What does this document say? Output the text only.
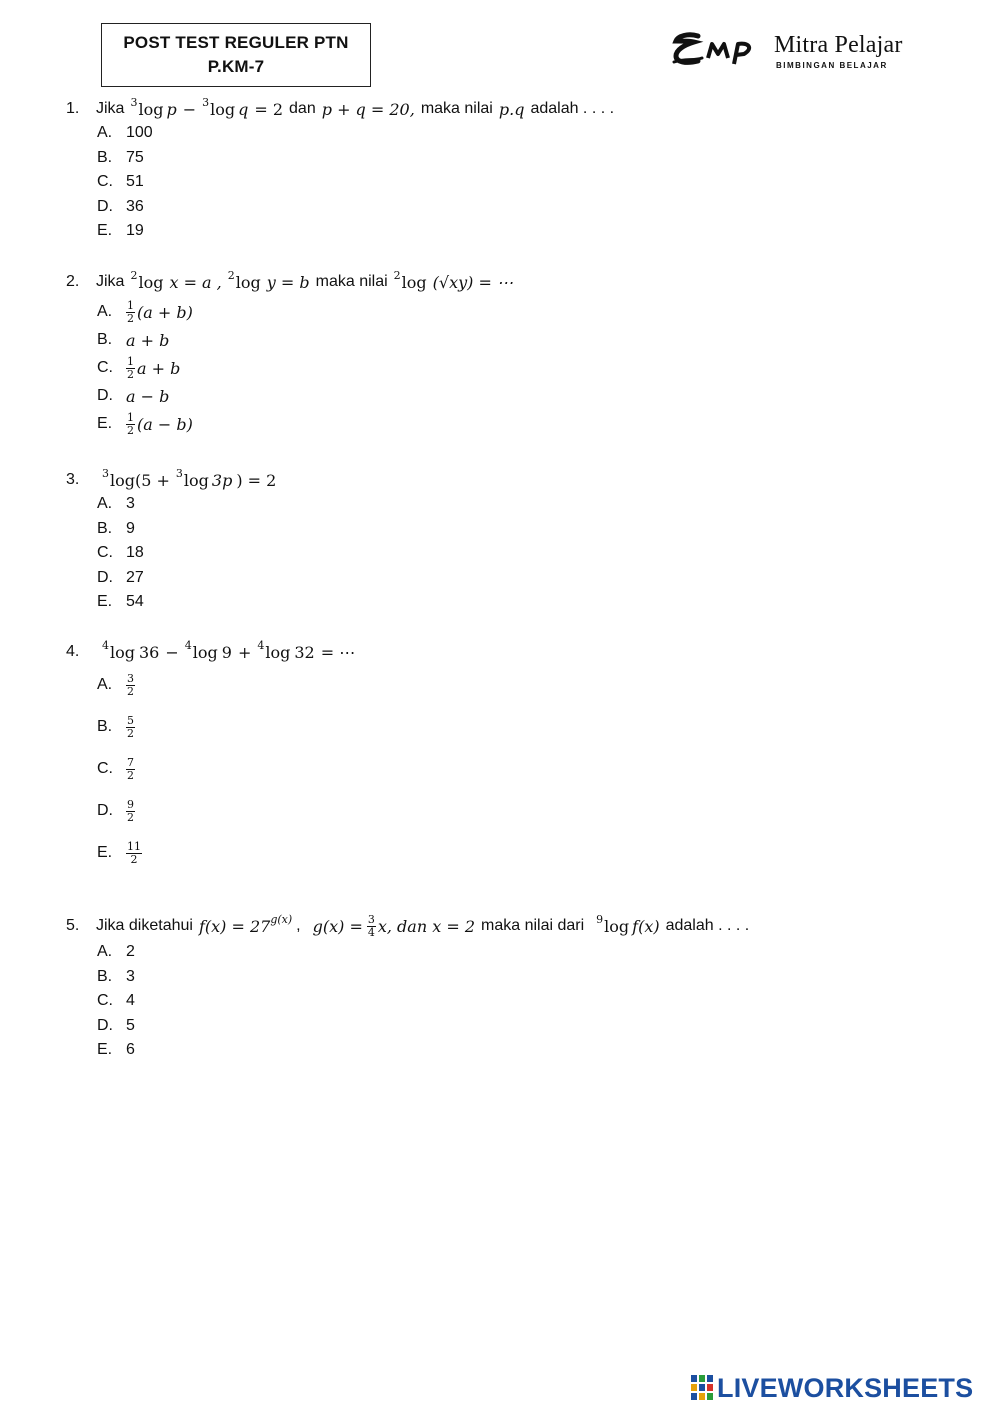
POST TEST REGULER PTN
P.KM-7
Mitra Pelajar
BIMBINGAN BELAJAR
1.	Jika 3 log p − 3 log q = 2 dan p + q = 20, maka nilai p.q adalah . . . .
A. 100
B. 75
C. 51
D. 36
E. 19
2.	Jika 2 log x = a , 2 log y = b maka nilai 2 log (√xy) = ⋯
A.	$\frac{1}{2} (a + b)$
B. a + b
C.	$\frac{1}{2}$ a + b
D. a − b
E.	$\frac{1}{2} (a - b)$
3.	3 log (5 + 3 log 3p ) = 2
A. 3
B. 9
C. 18
D. 27
E. 54
4.	4 log 36 − 4 log 9 + 4 log 32 = ⋯
A.	$\frac{3}{2}$
B.	$\frac{5}{2}$
C.	$\frac{7}{2}$
D.	$\frac{9}{2}$
E.	$\frac{11}{2}$
5.	Jika diketahui f(x) = 27 g(x) , $g(x) = \frac{3}{4} x$, dan x = 2 maka nilai dari 9 log f(x) adalah . . . .
A. 2
B. 3
C. 4
D. 5
E. 6
LIVEWORKSHEETS
